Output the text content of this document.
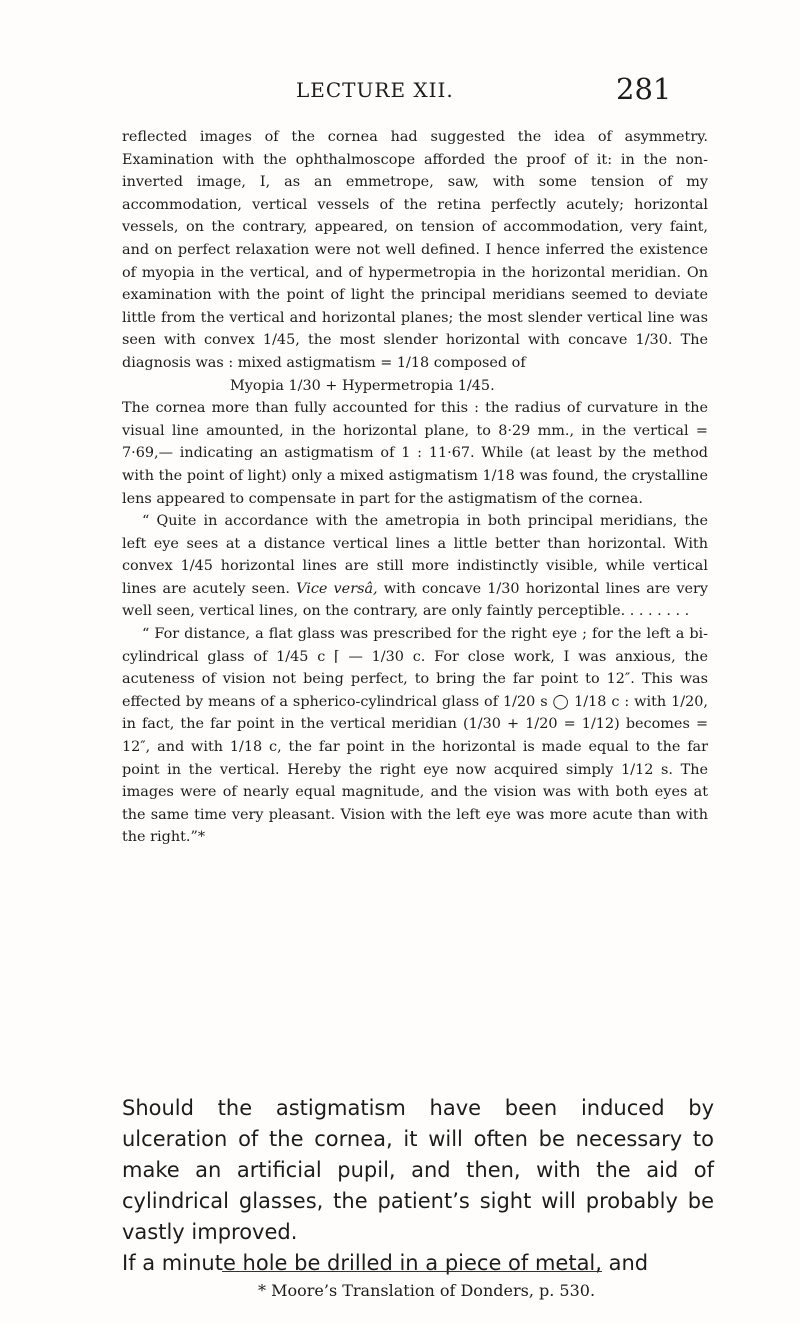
LECTURE XII.	281

reflected images of the cornea had suggested the idea of asymmetry. Examination with the ophthalmoscope afforded the proof of it: in the non-inverted image, I, as an emmetrope, saw, with some tension of my accommodation, vertical vessels of the retina perfectly acutely; horizontal vessels, on the contrary, appeared, on tension of accommodation, very faint, and on perfect relaxation were not well defined. I hence inferred the existence of myopia in the vertical, and of hypermetropia in the horizontal meridian. On examination with the point of light the principal meridians seemed to deviate little from the vertical and horizontal planes; the most slender vertical line was seen with convex 1/45, the most slender horizontal with concave 1/30. The diagnosis was : mixed astigmatism = 1/18 composed of

Myopia 1/30 + Hypermetropia 1/45.

The cornea more than fully accounted for this : the radius of curvature in the visual line amounted, in the horizontal plane, to 8·29 mm., in the vertical = 7·69,— indicating an astigmatism of 1 : 11·67. While (at least by the method with the point of light) only a mixed astigmatism 1/18 was found, the crystalline lens appeared to compensate in part for the astigmatism of the cornea.

“ Quite in accordance with the ametropia in both principal meridians, the left eye sees at a distance vertical lines a little better than horizontal. With convex 1/45 horizontal lines are still more indistinctly visible, while vertical lines are acutely seen. Vice versâ, with concave 1/30 horizontal lines are very well seen, vertical lines, on the contrary, are only faintly perceptible. . . . . . . .

“ For distance, a flat glass was prescribed for the right eye ; for the left a bi-cylindrical glass of 1/45 c ⌈ — 1/30 c. For close work, I was anxious, the acuteness of vision not being perfect, to bring the far point to 12″. This was effected by means of a spherico-cylindrical glass of 1/20 s ◯ 1/18 c : with 1/20, in fact, the far point in the vertical meridian (1/30 + 1/20 = 1/12) becomes = 12″, and with 1/18 c, the far point in the horizontal is made equal to the far point in the vertical. Hereby the right eye now acquired simply 1/12 s. The images were of nearly equal magnitude, and the vision was with both eyes at the same time very pleasant. Vision with the left eye was more acute than with the right.”*

Should the astigmatism have been induced by ulceration of the cornea, it will often be necessary to make an artificial pupil, and then, with the aid of cylindrical glasses, the patient’s sight will probably be vastly improved.

If a minute hole be drilled in a piece of metal, and

* Moore’s Translation of Donders, p. 530.
